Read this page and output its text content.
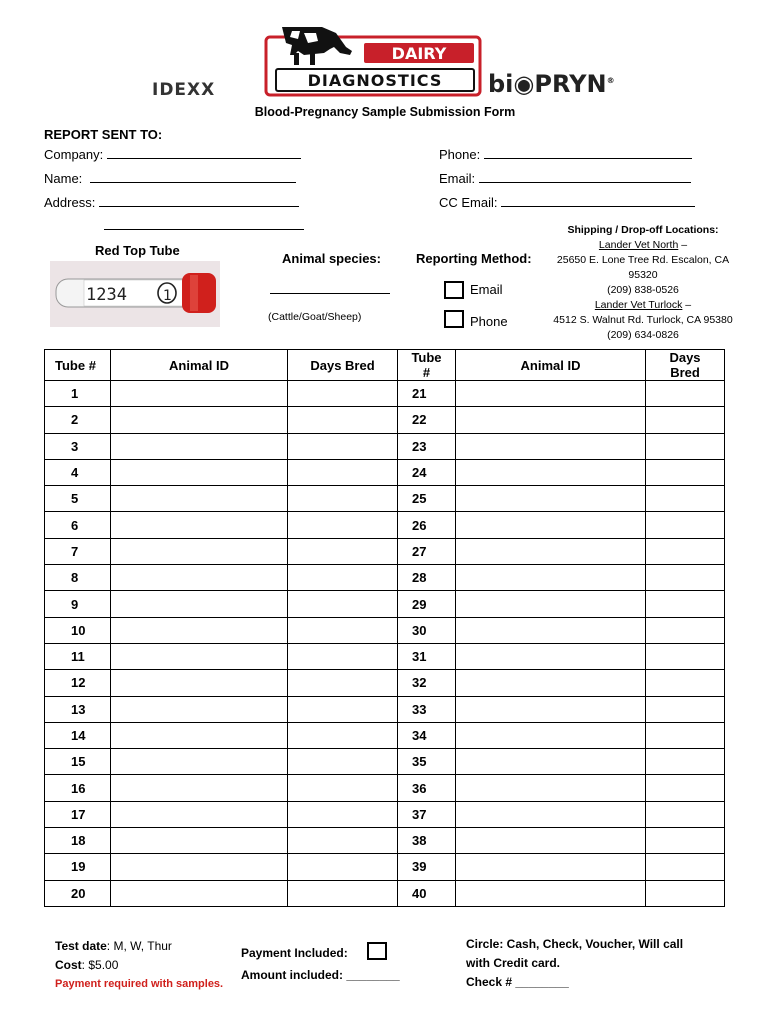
IDEXX
DAIRY
DIAGNOSTICS bi◉PRYN®
Blood-Pregnancy Sample Submission Form
REPORT SENT TO:
Company:
Name:
Address:
Phone:
Email:
CC Email:
Shipping / Drop-off Locations:
Lander Vet North –
25650 E. Lone Tree Rd. Escalon, CA 95320
(209) 838-0526
Lander Vet Turlock –
4512 S. Walnut Rd. Turlock, CA 95380
(209) 634-0826
Red Top Tube
1234	1
Animal species:
(Cattle/Goat/Sheep)
Reporting Method:
Email
Phone
Tube #	Animal ID	Days Bred	Tube #	Animal ID	Days Bred
1			21		
2			22		
3			23		
4			24		
5			25		
6			26		
7			27		
8			28		
9			29		
10			30		
11			31		
12			32		
13			33		
14			34		
15			35		
16			36		
17			37		
18			38		
19			39		
20			40		
Test date: M, W, Thur
Cost: $5.00
Payment required with samples.
Payment Included:
Amount included: ________
Circle: Cash, Check, Voucher, Will call
with Credit card.
Check # ________
